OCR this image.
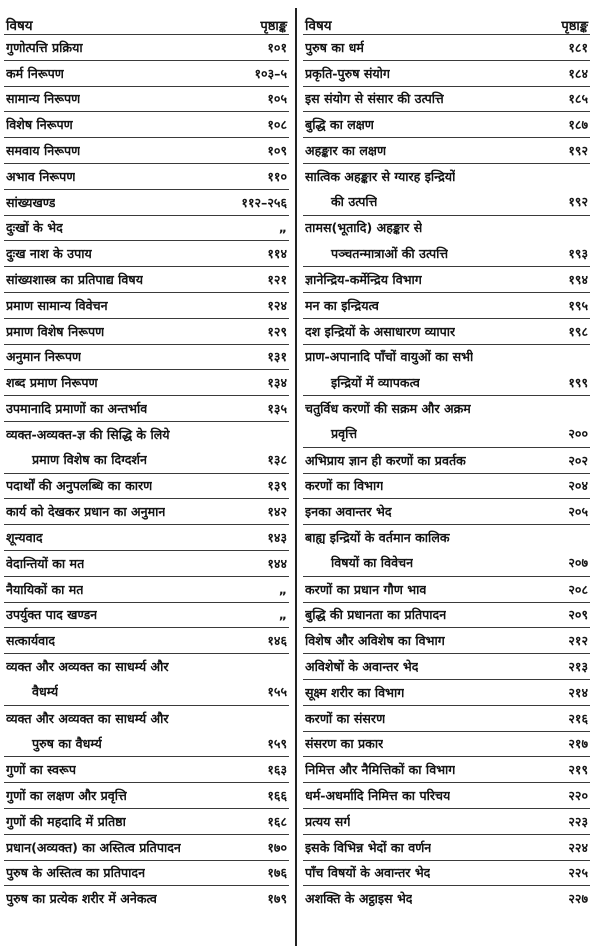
विषय	पृष्ठाङ्क
गुणोत्पत्ति प्रक्रिया	१०१
कर्म निरूपण	१०३–५
सामान्य निरूपण	१०५
विशेष निरूपण	१०८
समवाय निरूपण	१०९
अभाव निरूपण	११०
सांख्यखण्ड	११२–२५६
दुःखों के भेद	„
दुःख नाश के उपाय	११४
सांख्यशास्त्र का प्रतिपाद्य विषय	१२१
प्रमाण सामान्य विवेचन	१२४
प्रमाण विशेष निरूपण	१२९
अनुमान निरूपण	१३१
शब्द प्रमाण निरूपण	१३४
उपमानादि प्रमाणों का अन्तर्भाव	१३५
व्यक्त-अव्यक्त-ज्ञ की सिद्धि के लिये
प्रमाण विशेष का दिग्दर्शन	१३८
पदार्थों की अनुपलब्धि का कारण	१३९
कार्य को देखकर प्रधान का अनुमान	१४२
शून्यवाद	१४३
वेदान्तियों का मत	१४४
नैयायिकों का मत	„
उपर्युक्त पाद खण्डन	„
सत्कार्यवाद	१४६
व्यक्त और अव्यक्त का साधर्म्य और
वैधर्म्य	१५५
व्यक्त और अव्यक्त का साधर्म्य और
पुरुष का वैधर्म्य	१५९
गुणों का स्वरूप	१६३
गुणों का लक्षण और प्रवृत्ति	१६६
गुणों की महदादि में प्रतिष्ठा	१६८
प्रधान(अव्यक्त) का अस्तित्व प्रतिपादन	१७०
पुरुष के अस्तित्व का प्रतिपादन	१७६
पुरुष का प्रत्येक शरीर में अनेकत्व	१७९
विषय	पृष्ठाङ्क
पुरुष का धर्म	१८१
प्रकृति-पुरुष संयोग	१८४
इस संयोग से संसार की उत्पत्ति	१८५
बुद्धि का लक्षण	१८७
अहङ्कार का लक्षण	१९२
सात्विक अहङ्कार से ग्यारह इन्द्रियों
की उत्पत्ति	१९२
तामस(भूतादि) अहङ्कार से
पञ्चतन्मात्राओं की उत्पत्ति	१९३
ज्ञानेन्द्रिय-कर्मेन्द्रिय विभाग	१९४
मन का इन्द्रियत्व	१९५
दश इन्द्रियों के असाधारण व्यापार	१९८
प्राण-अपानादि पाँचों वायुओं का सभी
इन्द्रियों में व्यापकत्व	१९९
चतुर्विध करणों की सक्रम और अक्रम
प्रवृत्ति	२००
अभिप्राय ज्ञान ही करणों का प्रवर्तक	२०२
करणों का विभाग	२०४
इनका अवान्तर भेद	२०५
बाह्य इन्द्रियों के वर्तमान कालिक
विषयों का विवेचन	२०७
करणों का प्रधान गौण भाव	२०८
बुद्धि की प्रधानता का प्रतिपादन	२०९
विशेष और अविशेष का विभाग	२१२
अविशेषों के अवान्तर भेद	२१३
सूक्ष्म शरीर का विभाग	२१४
करणों का संसरण	२१६
संसरण का प्रकार	२१७
निमित्त और नैमित्तिकों का विभाग	२१९
धर्म-अधर्मादि निमित्त का परिचय	२२०
प्रत्यय सर्ग	२२३
इसके विभिन्न भेदों का वर्णन	२२४
पाँच विषयों के अवान्तर भेद	२२५
अशक्ति के अट्ठाइस भेद	२२७
